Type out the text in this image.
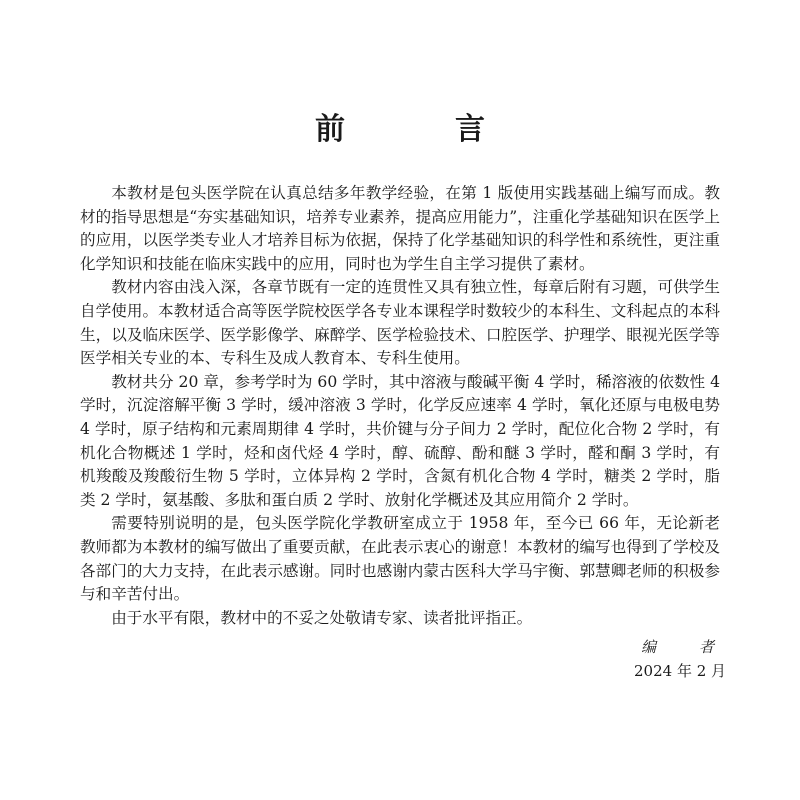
前　言

本教材是包头医学院在认真总结多年教学经验，在第 1 版使用实践基础上编写而成。教材的指导思想是“夯实基础知识，培养专业素养，提高应用能力”，注重化学基础知识在医学上的应用，以医学类专业人才培养目标为依据，保持了化学基础知识的科学性和系统性，更注重化学知识和技能在临床实践中的应用，同时也为学生自主学习提供了素材。

教材内容由浅入深，各章节既有一定的连贯性又具有独立性，每章后附有习题，可供学生自学使用。本教材适合高等医学院校医学各专业本课程学时数较少的本科生、文科起点的本科生，以及临床医学、医学影像学、麻醉学、医学检验技术、口腔医学、护理学、眼视光医学等医学相关专业的本、专科生及成人教育本、专科生使用。

教材共分 20 章，参考学时为 60 学时，其中溶液与酸碱平衡 4 学时，稀溶液的依数性 4 学时，沉淀溶解平衡 3 学时，缓冲溶液 3 学时，化学反应速率 4 学时，氧化还原与电极电势 4 学时，原子结构和元素周期律 4 学时，共价键与分子间力 2 学时，配位化合物 2 学时，有机化合物概述 1 学时，烃和卤代烃 4 学时，醇、硫醇、酚和醚 3 学时，醛和酮 3 学时，有机羧酸及羧酸衍生物 5 学时，立体异构 2 学时，含氮有机化合物 4 学时，糖类 2 学时，脂类 2 学时，氨基酸、多肽和蛋白质 2 学时、放射化学概述及其应用简介 2 学时。

需要特别说明的是，包头医学院化学教研室成立于 1958 年，至今已 66 年，无论新老教师都为本教材的编写做出了重要贡献，在此表示衷心的谢意！本教材的编写也得到了学校及各部门的大力支持，在此表示感谢。同时也感谢内蒙古医科大学马宇衡、郭慧卿老师的积极参与和辛苦付出。

由于水平有限，教材中的不妥之处敬请专家、读者批评指正。

编　者
2024 年 2 月
